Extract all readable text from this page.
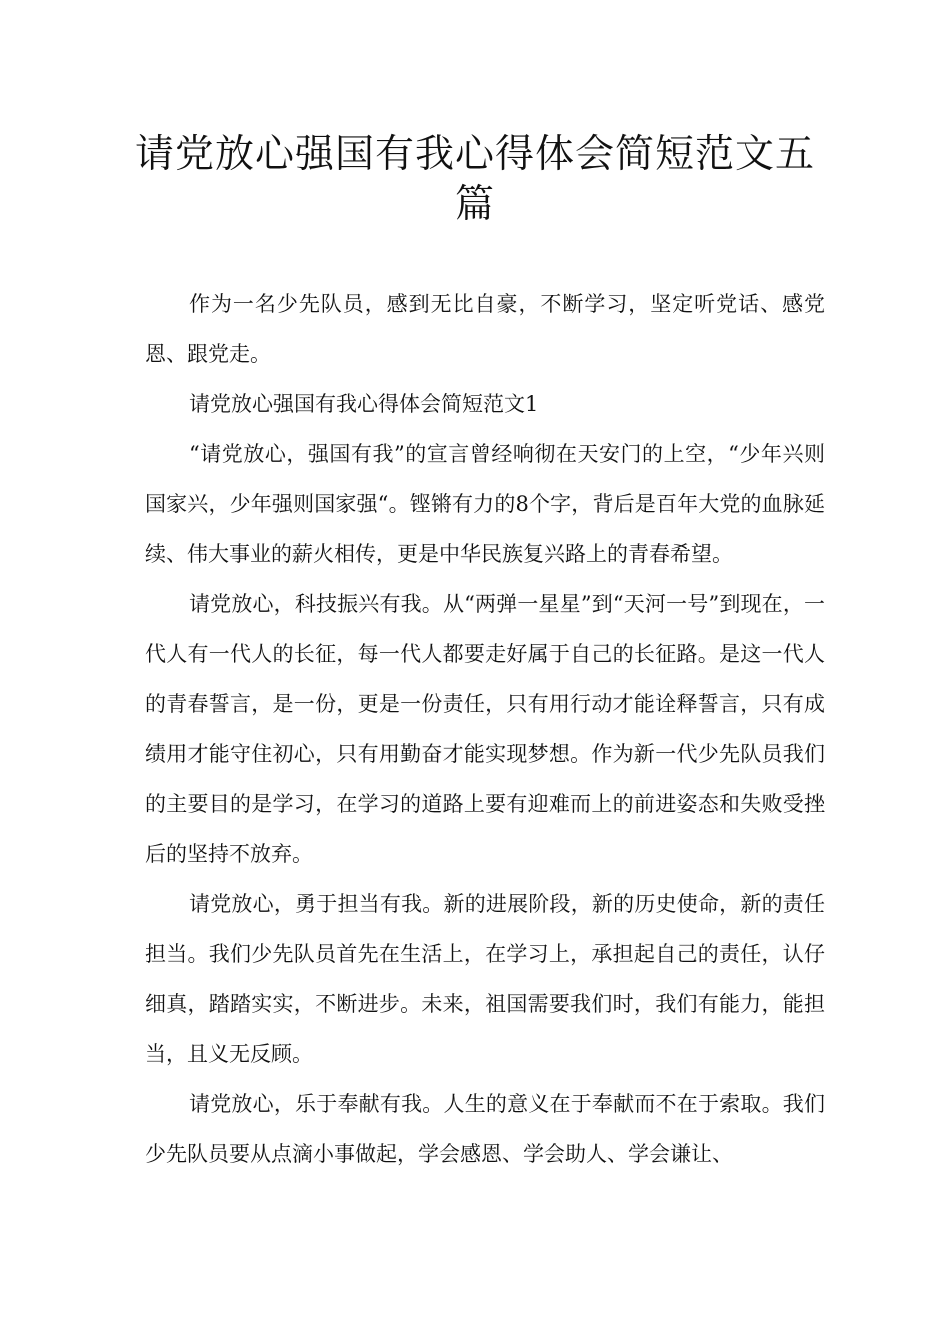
请党放心强国有我心得体会简短范文五篇

作为一名少先队员，感到无比自豪，不断学习，坚定听党话、感党恩、跟党走。

请党放心强国有我心得体会简短范文1

“请党放心，强国有我”的宣言曾经响彻在天安门的上空，“少年兴则国家兴，少年强则国家强“。铿锵有力的8个字，背后是百年大党的血脉延续、伟大事业的薪火相传，更是中华民族复兴路上的青春希望。

请党放心，科技振兴有我。从“两弹一星星”到“天河一号”到现在，一代人有一代人的长征，每一代人都要走好属于自己的长征路。是这一代人的青春誓言，是一份，更是一份责任，只有用行动才能诠释誓言，只有成绩用才能守住初心，只有用勤奋才能实现梦想。作为新一代少先队员我们的主要目的是学习，在学习的道路上要有迎难而上的前进姿态和失败受挫后的坚持不放弃。

请党放心，勇于担当有我。新的进展阶段，新的历史使命，新的责任担当。我们少先队员首先在生活上，在学习上，承担起自己的责任，认仔细真，踏踏实实，不断进步。未来，祖国需要我们时，我们有能力，能担当，且义无反顾。

请党放心，乐于奉献有我。人生的意义在于奉献而不在于索取。我们少先队员要从点滴小事做起，学会感恩、学会助人、学会谦让、
